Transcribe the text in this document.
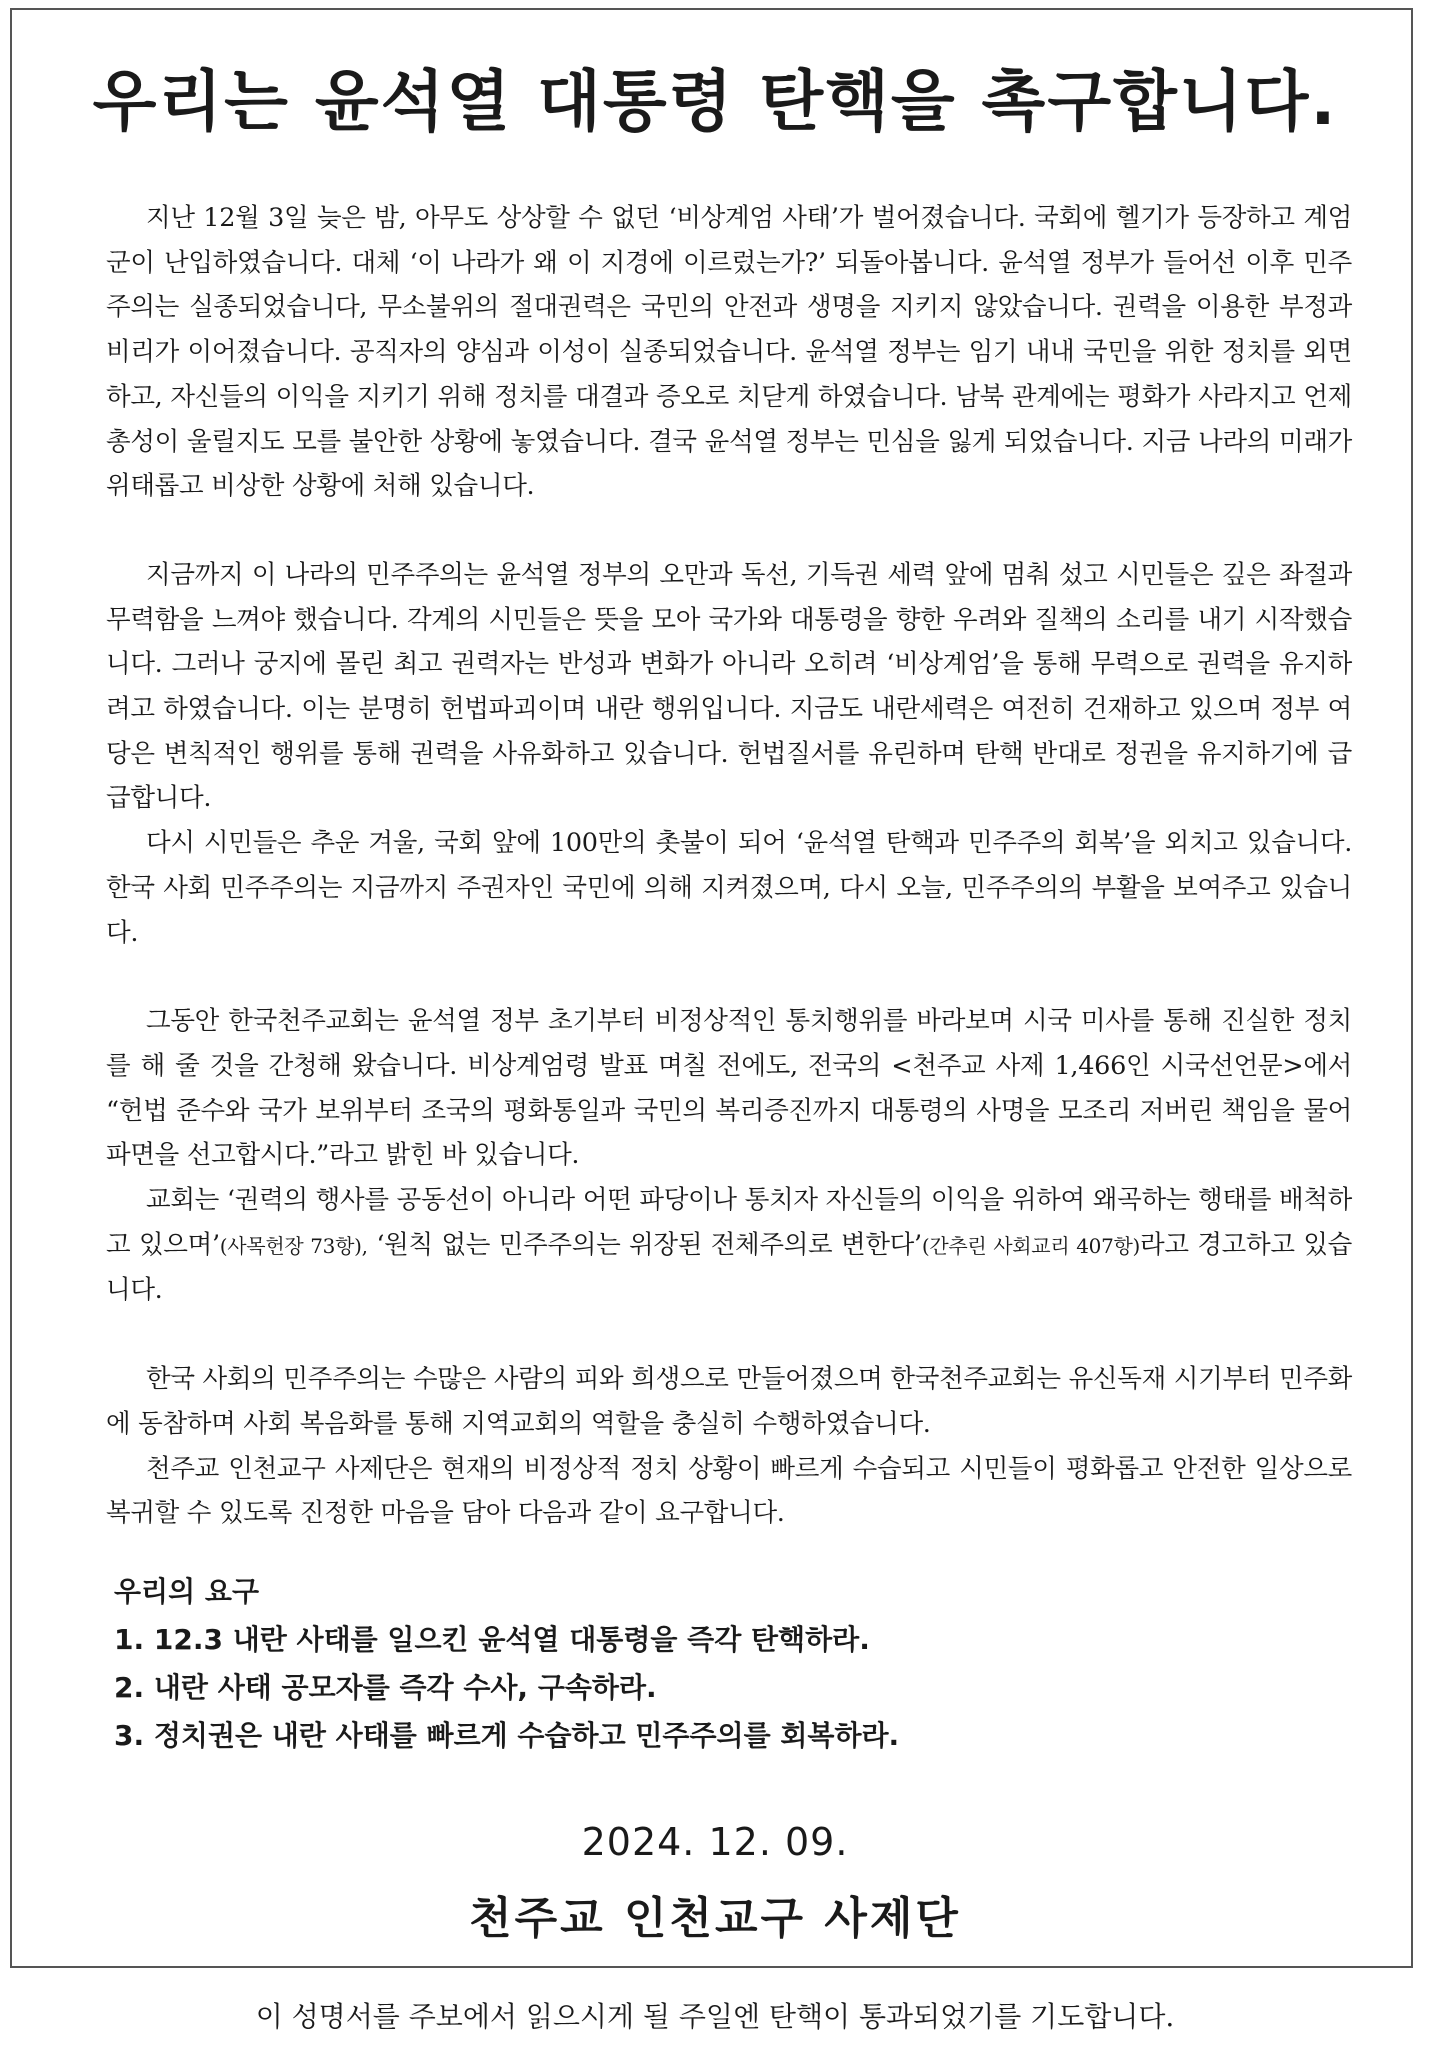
우리는 윤석열 대통령 탄핵을 촉구합니다.

지난 12월 3일 늦은 밤, 아무도 상상할 수 없던 ‘비상계엄 사태’가 벌어졌습니다. 국회에 헬기가 등장하고 계엄군이 난입하였습니다. 대체 ‘이 나라가 왜 이 지경에 이르렀는가?’ 되돌아봅니다. 윤석열 정부가 들어선 이후 민주주의는 실종되었습니다, 무소불위의 절대권력은 국민의 안전과 생명을 지키지 않았습니다. 권력을 이용한 부정과 비리가 이어졌습니다. 공직자의 양심과 이성이 실종되었습니다. 윤석열 정부는 임기 내내 국민을 위한 정치를 외면하고, 자신들의 이익을 지키기 위해 정치를 대결과 증오로 치닫게 하였습니다. 남북 관계에는 평화가 사라지고 언제 총성이 울릴지도 모를 불안한 상황에 놓였습니다. 결국 윤석열 정부는 민심을 잃게 되었습니다. 지금 나라의 미래가 위태롭고 비상한 상황에 처해 있습니다.

지금까지 이 나라의 민주주의는 윤석열 정부의 오만과 독선, 기득권 세력 앞에 멈춰 섰고 시민들은 깊은 좌절과 무력함을 느껴야 했습니다. 각계의 시민들은 뜻을 모아 국가와 대통령을 향한 우려와 질책의 소리를 내기 시작했습니다. 그러나 궁지에 몰린 최고 권력자는 반성과 변화가 아니라 오히려 ‘비상계엄’을 통해 무력으로 권력을 유지하려고 하였습니다. 이는 분명히 헌법파괴이며 내란 행위입니다. 지금도 내란세력은 여전히 건재하고 있으며 정부 여당은 변칙적인 행위를 통해 권력을 사유화하고 있습니다. 헌법질서를 유린하며 탄핵 반대로 정권을 유지하기에 급급합니다.

다시 시민들은 추운 겨울, 국회 앞에 100만의 촛불이 되어 ‘윤석열 탄핵과 민주주의 회복’을 외치고 있습니다. 한국 사회 민주주의는 지금까지 주권자인 국민에 의해 지켜졌으며, 다시 오늘, 민주주의의 부활을 보여주고 있습니다.

그동안 한국천주교회는 윤석열 정부 초기부터 비정상적인 통치행위를 바라보며 시국 미사를 통해 진실한 정치를 해 줄 것을 간청해 왔습니다. 비상계엄령 발표 며칠 전에도, 전국의 <천주교 사제 1,466인 시국선언문>에서 “헌법 준수와 국가 보위부터 조국의 평화통일과 국민의 복리증진까지 대통령의 사명을 모조리 저버린 책임을 물어 파면을 선고합시다.”라고 밝힌 바 있습니다.

교회는 ‘권력의 행사를 공동선이 아니라 어떤 파당이나 통치자 자신들의 이익을 위하여 왜곡하는 행태를 배척하고 있으며’(사목헌장 73항), ‘원칙 없는 민주주의는 위장된 전체주의로 변한다’(간추린 사회교리 407항)라고 경고하고 있습니다.

한국 사회의 민주주의는 수많은 사람의 피와 희생으로 만들어졌으며 한국천주교회는 유신독재 시기부터 민주화에 동참하며 사회 복음화를 통해 지역교회의 역할을 충실히 수행하였습니다.

천주교 인천교구 사제단은 현재의 비정상적 정치 상황이 빠르게 수습되고 시민들이 평화롭고 안전한 일상으로 복귀할 수 있도록 진정한 마음을 담아 다음과 같이 요구합니다.

우리의 요구

1. 12.3 내란 사태를 일으킨 윤석열 대통령을 즉각 탄핵하라.

2. 내란 사태 공모자를 즉각 수사, 구속하라.

3. 정치권은 내란 사태를 빠르게 수습하고 민주주의를 회복하라.

2024. 12. 09.

천주교 인천교구 사제단

이 성명서를 주보에서 읽으시게 될 주일엔 탄핵이 통과되었기를 기도합니다.
